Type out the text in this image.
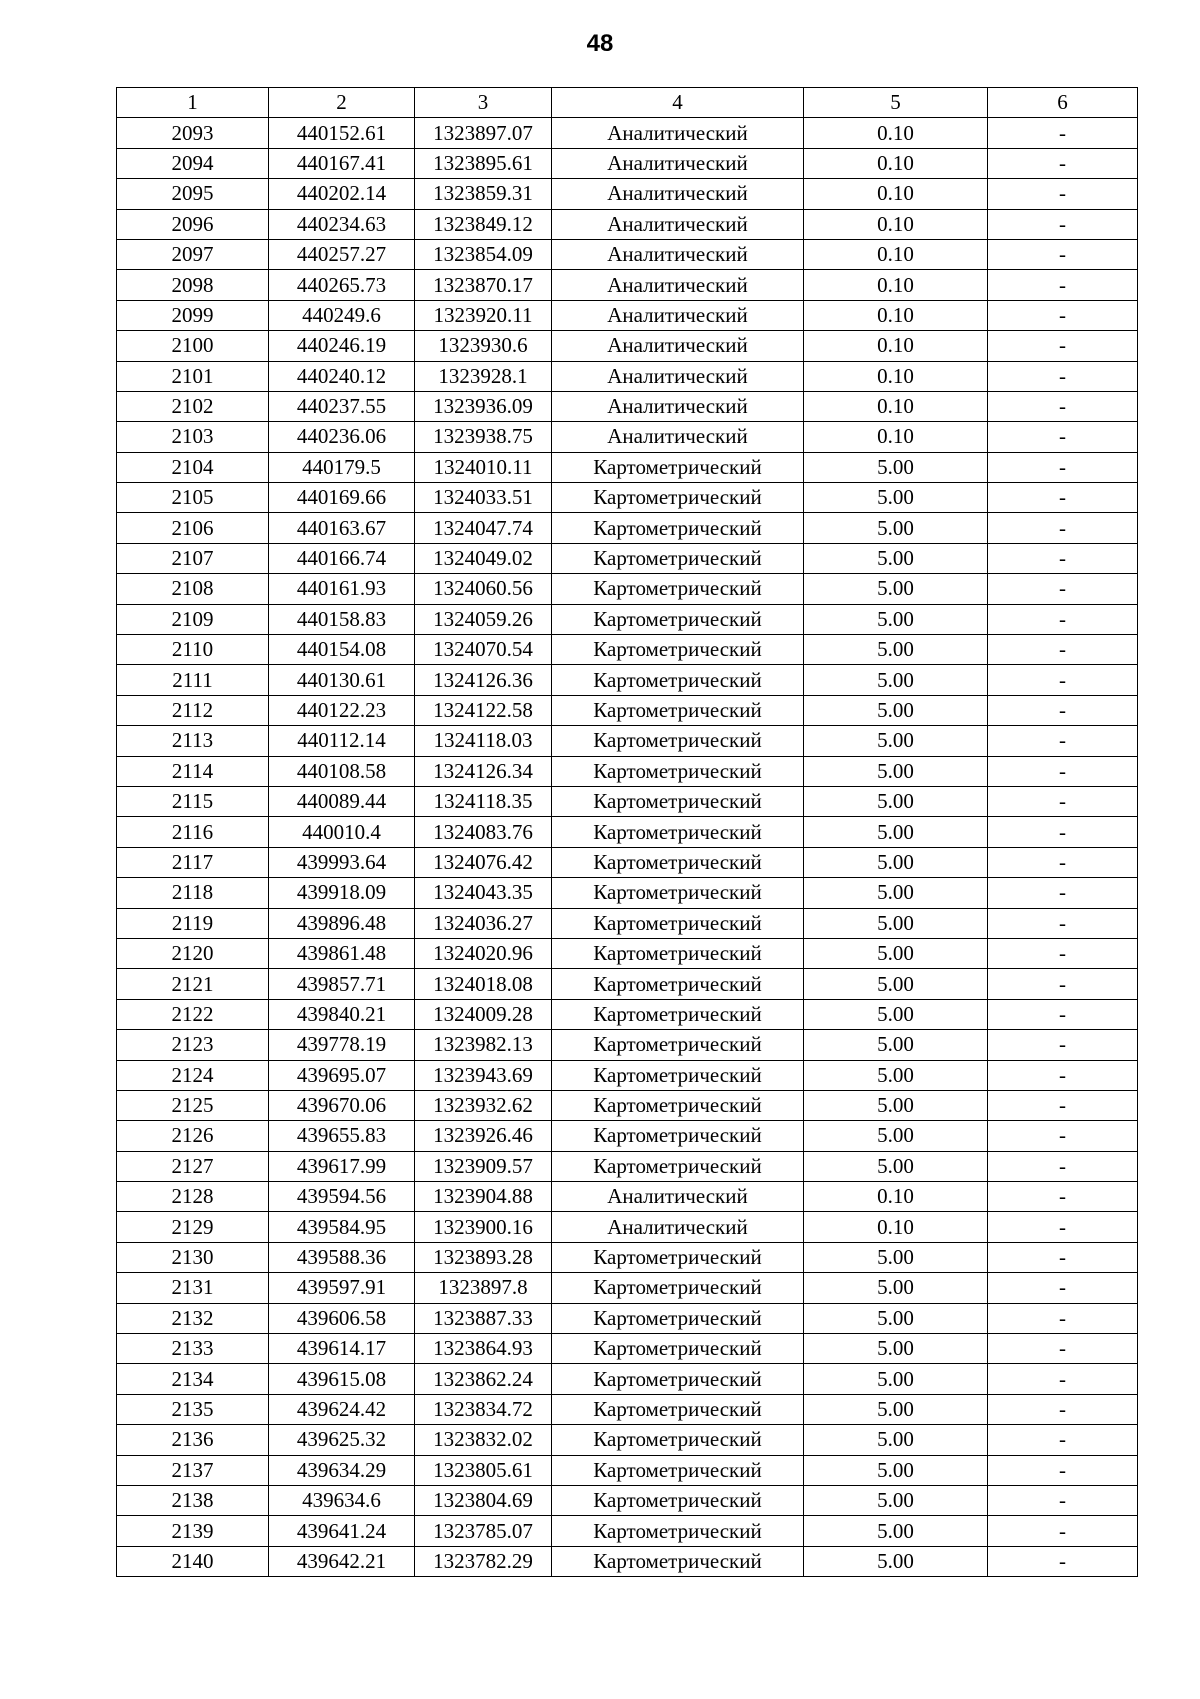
48
1	2	3	4	5	6
2093	440152.61	1323897.07	Аналитический	0.10	-
2094	440167.41	1323895.61	Аналитический	0.10	-
2095	440202.14	1323859.31	Аналитический	0.10	-
2096	440234.63	1323849.12	Аналитический	0.10	-
2097	440257.27	1323854.09	Аналитический	0.10	-
2098	440265.73	1323870.17	Аналитический	0.10	-
2099	440249.6	1323920.11	Аналитический	0.10	-
2100	440246.19	1323930.6	Аналитический	0.10	-
2101	440240.12	1323928.1	Аналитический	0.10	-
2102	440237.55	1323936.09	Аналитический	0.10	-
2103	440236.06	1323938.75	Аналитический	0.10	-
2104	440179.5	1324010.11	Картометрический	5.00	-
2105	440169.66	1324033.51	Картометрический	5.00	-
2106	440163.67	1324047.74	Картометрический	5.00	-
2107	440166.74	1324049.02	Картометрический	5.00	-
2108	440161.93	1324060.56	Картометрический	5.00	-
2109	440158.83	1324059.26	Картометрический	5.00	-
2110	440154.08	1324070.54	Картометрический	5.00	-
2111	440130.61	1324126.36	Картометрический	5.00	-
2112	440122.23	1324122.58	Картометрический	5.00	-
2113	440112.14	1324118.03	Картометрический	5.00	-
2114	440108.58	1324126.34	Картометрический	5.00	-
2115	440089.44	1324118.35	Картометрический	5.00	-
2116	440010.4	1324083.76	Картометрический	5.00	-
2117	439993.64	1324076.42	Картометрический	5.00	-
2118	439918.09	1324043.35	Картометрический	5.00	-
2119	439896.48	1324036.27	Картометрический	5.00	-
2120	439861.48	1324020.96	Картометрический	5.00	-
2121	439857.71	1324018.08	Картометрический	5.00	-
2122	439840.21	1324009.28	Картометрический	5.00	-
2123	439778.19	1323982.13	Картометрический	5.00	-
2124	439695.07	1323943.69	Картометрический	5.00	-
2125	439670.06	1323932.62	Картометрический	5.00	-
2126	439655.83	1323926.46	Картометрический	5.00	-
2127	439617.99	1323909.57	Картометрический	5.00	-
2128	439594.56	1323904.88	Аналитический	0.10	-
2129	439584.95	1323900.16	Аналитический	0.10	-
2130	439588.36	1323893.28	Картометрический	5.00	-
2131	439597.91	1323897.8	Картометрический	5.00	-
2132	439606.58	1323887.33	Картометрический	5.00	-
2133	439614.17	1323864.93	Картометрический	5.00	-
2134	439615.08	1323862.24	Картометрический	5.00	-
2135	439624.42	1323834.72	Картометрический	5.00	-
2136	439625.32	1323832.02	Картометрический	5.00	-
2137	439634.29	1323805.61	Картометрический	5.00	-
2138	439634.6	1323804.69	Картометрический	5.00	-
2139	439641.24	1323785.07	Картометрический	5.00	-
2140	439642.21	1323782.29	Картометрический	5.00	-
